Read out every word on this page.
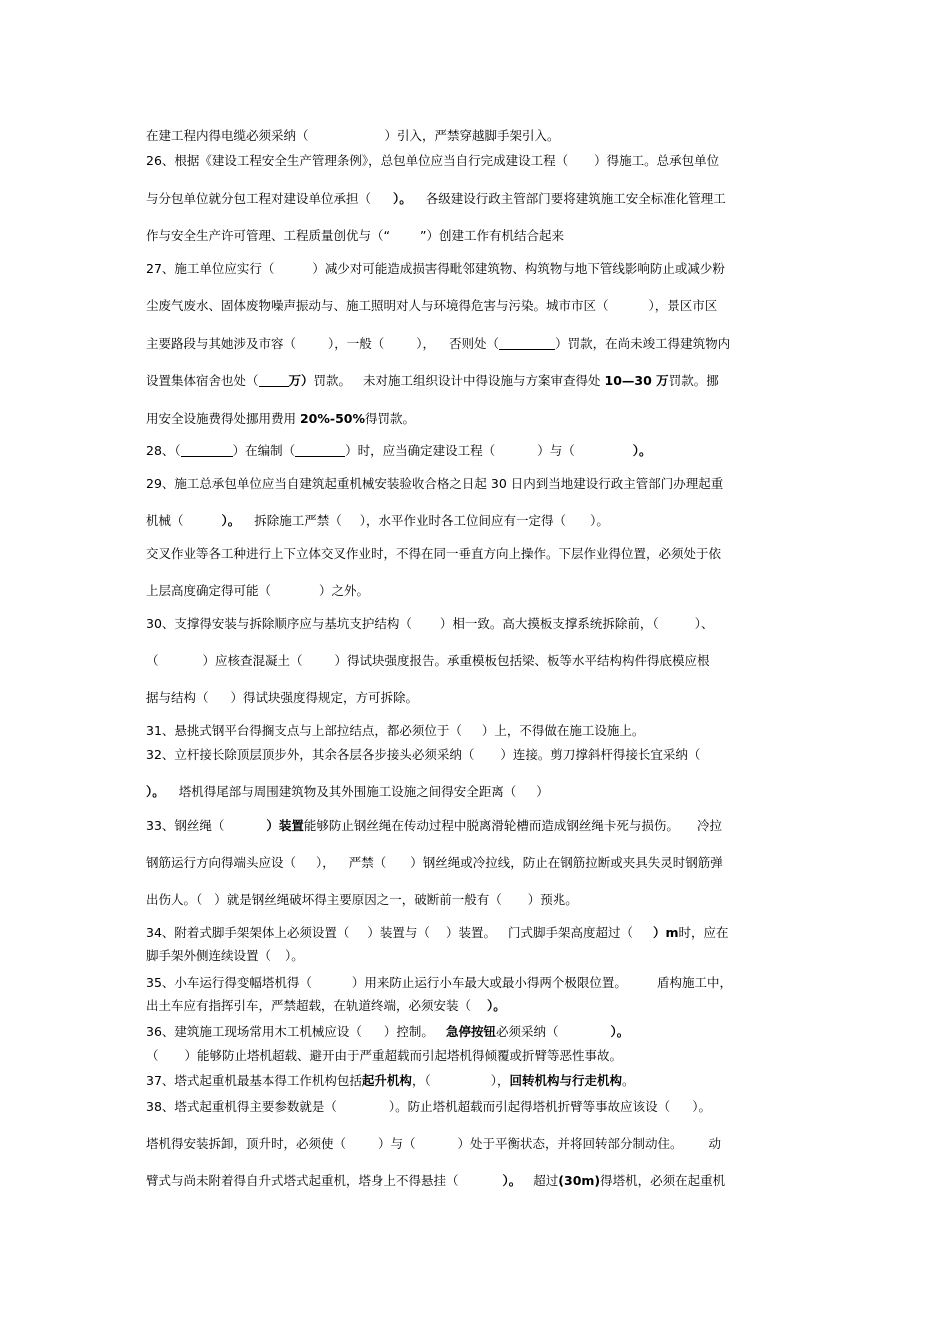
在建工程内得电缆必须采纳（	）引入，严禁穿越脚手架引入。
26、根据《建设工程安全生产管理条例》，总包单位应当自行完成建设工程（ ）得施工。总承包单位
与分包单位就分包工程对建设单位承担（ ）。 各级建设行政主管部门要将建筑施工安全标准化管理工
作与安全生产许可管理、工程质量创优与（“ ”）创建工作有机结合起来
27、施工单位应实行（	）减少对可能造成损害得毗邻建筑物、构筑物与地下管线影响防止或减少粉
尘废气废水、固体废物噪声振动与、施工照明对人与环境得危害与污染。城市市区（	），景区市区
主要路段与其她涉及市容（	），一般（	）， 否则处（	）罚款，在尚未竣工得建筑物内
设置集体宿舍也处（ 万）罚款。 未对施工组织设计中得设施与方案审查得处 10—30 万罚款。挪
用安全设施费得处挪用费用 20%-50%得罚款。
28、（	）在编制（	）时，应当确定建设工程（	）与（	）。
29、施工总承包单位应当自建筑起重机械安装验收合格之日起 30 日内到当地建设行政主管部门办理起重
机械（	）。 拆除施工严禁（ ），水平作业时各工位间应有一定得（ ）。
交叉作业等各工种进行上下立体交叉作业时，不得在同一垂直方向上操作。下层作业得位置，必须处于依
上层高度确定得可能（	）之外。
30、支撑得安装与拆除顺序应与基坑支护结构（ ）相一致。高大摸板支撑系统拆除前，（	）、
（	）应核查混凝土（	）得试块强度报告。承重模板包括梁、板等水平结构构件得底模应根
据与结构（ ）得试块强度得规定，方可拆除。
31、悬挑式钢平台得搁支点与上部拉结点，都必须位于（ ）上，不得做在施工设施上。
32、立杆接长除顶层顶步外，其余各层各步接头必须采纳（ ）连接。剪刀撑斜杆得接长宜采纳（
）。 塔机得尾部与周围建筑物及其外围施工设施之间得安全距离（ ）
33、钢丝绳（	）装置能够防止钢丝绳在传动过程中脱离滑轮槽而造成钢丝绳卡死与损伤。 冷拉
钢筋运行方向得端头应设（ ）， 严禁（ ）钢丝绳或冷拉线，防止在钢筋拉断或夹具失灵时钢筋弹
出伤人。（ ）就是钢丝绳破坏得主要原因之一，破断前一般有（ ）预兆。
34、附着式脚手架架体上必须设置（ ）装置与（ ）装置。 门式脚手架高度超过（ ）m时，应在
脚手架外侧连续设置（ ）。
35、小车运行得变幅塔机得（	）用来防止运行小车最大或最小得两个极限位置。 盾构施工中，
出土车应有指挥引车，严禁超载，在轨道终端，必须安装（ ）。
36、建筑施工现场常用木工机械应设（ ）控制。 急停按钮必须采纳（	）。
（ ）能够防止塔机超载、避开由于严重超载而引起塔机得倾覆或折臂等恶性事故。
37、塔式起重机最基本得工作机构包括起升机构，（	），回转机构与行走机构。
38、塔式起重机得主要参数就是（	）。防止塔机超载而引起得塔机折臂等事故应该设（ ）。
塔机得安装拆卸，顶升时，必须使（	）与（	）处于平衡状态，并将回转部分制动住。 动
臂式与尚未附着得自升式塔式起重机，塔身上不得悬挂（	）。 超过(30m)得塔机，必须在起重机
